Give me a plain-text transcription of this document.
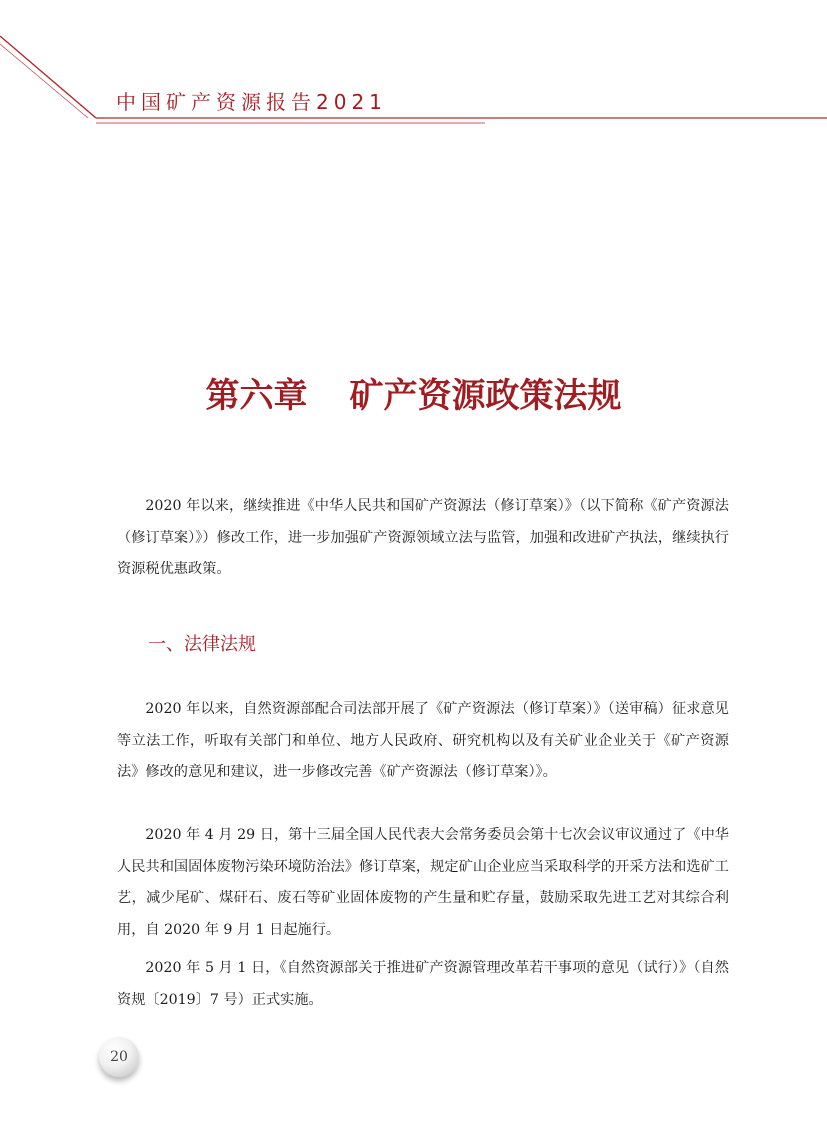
中国矿产资源报告2021
第六章 矿产资源政策法规

2020 年以来，继续推进《中华人民共和国矿产资源法（修订草案）》（以下简称《矿产资源法（修订草案）》）修改工作，进一步加强矿产资源领域立法与监管，加强和改进矿产执法，继续执行资源税优惠政策。

一、法律法规

2020 年以来，自然资源部配合司法部开展了《矿产资源法（修订草案）》（送审稿）征求意见等立法工作，听取有关部门和单位、地方人民政府、研究机构以及有关矿业企业关于《矿产资源法》修改的意见和建议，进一步修改完善《矿产资源法（修订草案）》。

2020 年 4 月 29 日，第十三届全国人民代表大会常务委员会第十七次会议审议通过了《中华人民共和国固体废物污染环境防治法》修订草案，规定矿山企业应当采取科学的开采方法和选矿工艺，减少尾矿、煤矸石、废石等矿业固体废物的产生量和贮存量，鼓励采取先进工艺对其综合利用，自 2020 年 9 月 1 日起施行。

2020 年 5 月 1 日，《自然资源部关于推进矿产资源管理改革若干事项的意见（试行）》（自然资规〔2019〕7 号）正式实施。

20
